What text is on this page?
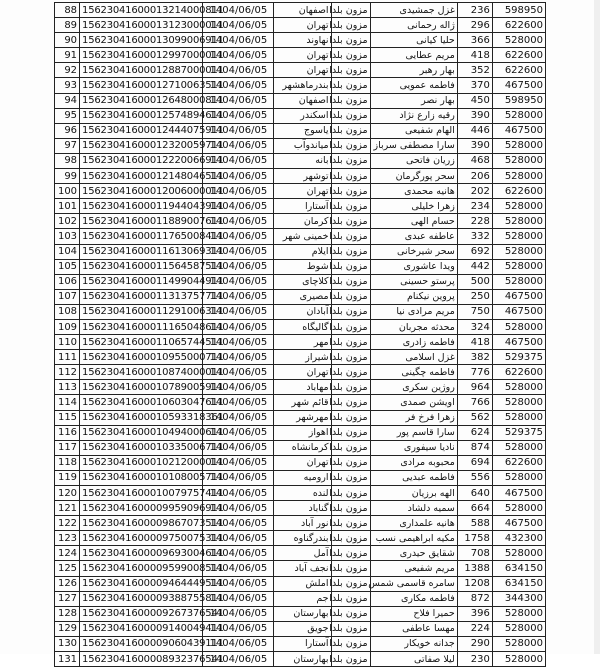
88	15623041600013214000811	1404/06/05	اصفهان	مزون بلدا	غزل جمشیدی	236	598950
89	15623041600013123000011	1404/06/05	تهران	مزون بلدا	ژاله رحمانی	296	622600
90	15623041600013099006911	1404/06/05	نهاوند	مزون بلدا	حلیا کیانی	366	528000
91	15623041600012997000011	1404/06/05	تهران	مزون بلدا	مریم عطایی	418	622600
92	15623041600012887000011	1404/06/05	تهران	مزون بلدا	بهار رهبر	352	622600
93	15623041600012710063511	1404/06/05	بندرماهشهر	مزون بلدا	فاطمه عمویی	370	467500
94	15623041600012648000811	1404/06/05	اصفهان	مزون بلدا	بهار نصر	450	598950
95	15623041600012574894611	1404/06/05	اسکندر	مزون بلدا	رقیه زارع نژاد	390	528000
96	15623041600012444075911	1404/06/05	یاسوج	مزون بلدا	الهام شفیعی	446	467500
97	15623041600012320059711	1404/06/05	میاندوآب	مزون بلدا	سارا مصطفی سرباز	390	528000
98	15623041600012220066911	1404/06/05	بانه	مزون بلدا	زریان فاتحی	468	528000
99	15623041600012148046511	1404/06/05	توشهر	مزون بلدا	سحر پورگرمان	206	528000
100	15623041600012006000011	1404/06/05	تهران	مزون بلدا	هانیه محمدی	202	622600
101	15623041600011944043911	1404/06/05	آستارا	مزون بلدا	زهرا خلیلی	234	528000
102	15623041600011889007611	1404/06/05	کرمان	مزون بلدا	حسام الهی	228	528000
103	15623041600011765008411	1404/06/05	خمینی شهر	مزون بلدا	عاطفه عبدی	332	528000
104	15623041600011613069311	1404/06/05	ایلام	مزون بلدا	سحر شیرخانی	692	528000
105	15623041600011564587511	1404/06/05	شوط	مزون بلدا	ویدا عاشوری	442	528000
106	15623041600011499044911	1404/06/05	کلاچای	مزون بلدا	پرستو حسینی	500	528000
107	15623041600011313757711	1404/06/05	مصیری	مزون بلدا	پروین نیکنام	250	467500
108	15623041600011291006311	1404/06/05	آبادان	مزون بلدا	مریم مرادی نیا	750	467500
109	15623041600011165048611	1404/06/05	گالیگاه	مزون بلدا	محدثه مجربان	324	528000
110	15623041600011065744511	1404/06/05	مهر	مزون بلدا	فاطمه زادری	418	467500
111	15623041600010955000711	1404/06/05	شیراز	مزون بلدا	غزل اسلامی	382	529375
112	15623041600010874000011	1404/06/05	تهران	مزون بلدا	فاطمه چگینی	776	622600
113	15623041600010789005911	1404/06/05	مهاباد	مزون بلدا	روژین سکری	964	528000
114	15623041600010603047611	1404/06/05	قائم شهر	مزون بلدا	اویشن صمدی	766	528000
115	15623041600010593318361	1404/06/05	مهرشهر	مزون بلدا	زهرا فرخ فر	562	528000
116	15623041600010494000611	1404/06/05	اهواز	مزون بلدا	سارا قاسم پور	624	529375
117	15623041600010335006711	1404/06/05	کرمانشاه	مزون بلدا	نادیا سیفوری	874	528000
118	15623041600010212000011	1404/06/05	تهران	مزون بلدا	محبوبه مرادی	694	622600
119	15623041600010108005711	1404/06/05	ارومیه	مزون بلدا	فاطمه عبدیی	556	528000
120	15623041600010079757411	1404/06/05	لنده	مزون بلدا	الهه برزیان	640	467500
121	15623041600009959096911	1404/06/05	گناباد	مزون بلدا	سمیه دلشاد	664	528000
122	15623041600009867073511	1404/06/05	نور آباد	مزون بلدا	هانیه علمداری	588	467500
123	15623041600009750075311	1404/06/05	بندرگناوه	مزون بلدا	مکیه ابراهیمی نسب	1758	432300
124	15623041600009693004611	1404/06/05	آمل	مزون بلدا	شقایق حیدری	708	528000
125	15623041600009599008511	1404/06/05	نجف آباد	مزون بلدا	مریم شفیعی	1388	634150
126	15623041600009464449511	1404/06/05	املش	مزون بلدا	سامره قاسمی شمس	1208	634150
127	15623041600009388755811	1404/06/05	جم	مزون بلدا	فاطمه مکاری	872	344300
128	15623041600009267376541	1404/06/05	بهارستان	مزون بلدا	حمیرا فلاح	396	528000
129	15623041600009140049411	1404/06/05	جویق	مزون بلدا	مهسا عاطفی	224	528000
130	15623041600009060439111	1404/06/05	آستارا	مزون بلدا	جدانه خویکار	290	528000
131	15623041600008932376541	1404/06/05	بهارستان	مزون بلدا	لیلا صفاتی	230	528000
